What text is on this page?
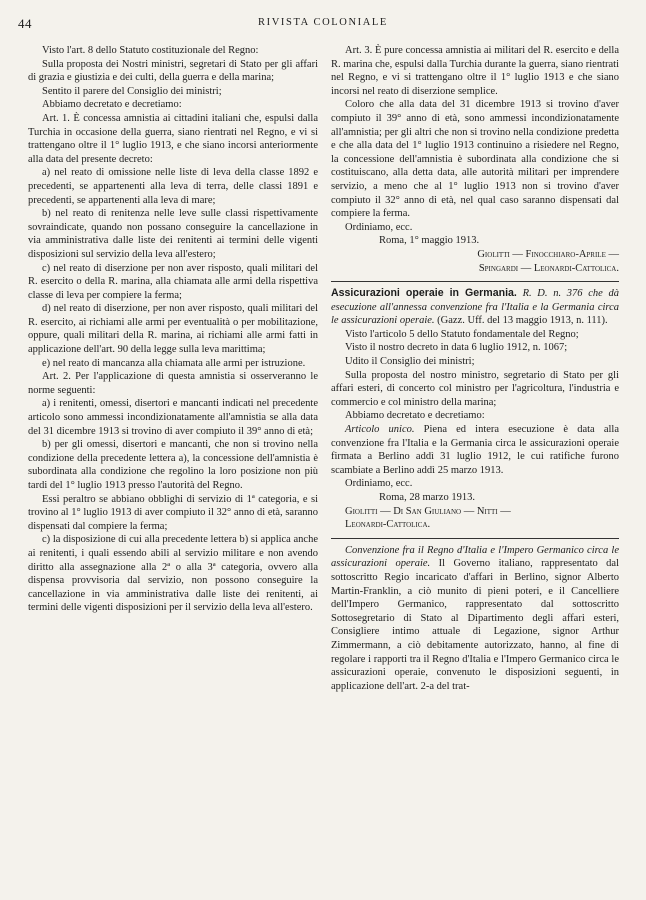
44	RIVISTA COLONIALE

Visto l'art. 8 dello Statuto costituzionale del Regno:

Sulla proposta dei Nostri ministri, segretari di Stato per gli affari di grazia e giustizia e dei culti, della guerra e della marina;

Sentito il parere del Consiglio dei ministri;

Abbiamo decretato e decretiamo:

Art. 1. È concessa amnistia ai cittadini italiani che, espulsi dalla Turchia in occasione della guerra, siano rientrati nel Regno, e vi si trattengano oltre il 1° luglio 1913, e che siano incorsi anteriormente alla data del presente decreto:

a) nel reato di omissione nelle liste di leva della classe 1892 e precedenti, se appartenenti alla leva di terra, delle classi 1891 e precedenti, se appartenenti alla leva di mare;

b) nel reato di renitenza nelle leve sulle classi rispettivamente sovraindicate, quando non possano conseguire la cancellazione in via amministrativa dalle liste dei renitenti ai termini delle vigenti disposizioni sul servizio della leva all'estero;

c) nel reato di diserzione per non aver risposto, quali militari del R. esercito o della R. marina, alla chiamata alle armi della rispettiva classe di leva per compiere la ferma;

d) nel reato di diserzione, per non aver risposto, quali militari del R. esercito, ai richiami alle armi per eventualità o per mobilitazione, oppure, quali militari della R. marina, ai richiami alle armi fatti in applicazione dell'art. 90 della legge sulla leva marittima;

e) nel reato di mancanza alla chiamata alle armi per istruzione.

Art. 2. Per l'applicazione di questa amnistia si osserveranno le norme seguenti:

a) i renitenti, omessi, disertori e mancanti indicati nel precedente articolo sono ammessi incondizionatamente all'amnistia se alla data del 31 dicembre 1913 si trovino di aver compiuto il 39° anno di età;

b) per gli omessi, disertori e mancanti, che non si trovino nella condizione della precedente lettera a), la concessione dell'amnistia è subordinata alla condizione che regolino la loro posizione non più tardi del 1° luglio 1913 presso l'autorità del Regno.

Essi peraltro se abbiano obblighi di servizio di 1ª categoria, e si trovino al 1° luglio 1913 di aver compiuto il 32° anno di età, saranno dispensati dal compiere la ferma;

c) la disposizione di cui alla precedente lettera b) si applica anche ai renitenti, i quali essendo abili al servizio militare e non avendo diritto alla assegnazione alla 2ª o alla 3ª categoria, ovvero alla dispensa provvisoria dal servizio, non possono conseguire la cancellazione in via amministrativa dalle liste dei renitenti, ai termini delle vigenti disposizioni per il servizio della leva all'estero.

Art. 3. È pure concessa amnistia ai militari del R. esercito e della R. marina che, espulsi dalla Turchia durante la guerra, siano rientrati nel Regno, e vi si trattengano oltre il 1° luglio 1913 e che siano incorsi nel reato di diserzione semplice.

Coloro che alla data del 31 dicembre 1913 si trovino d'aver compiuto il 39° anno di età, sono ammessi incondizionatamente all'amnistia; per gli altri che non si trovino nella condizione predetta e che alla data del 1° luglio 1913 continuino a risiedere nel Regno, la concessione dell'amnistia è subordinata alla condizione che si costituiscano, alla detta data, alle autorità militari per imprendere servizio, a meno che al 1° luglio 1913 non si trovino d'aver compiuto il 32° anno di età, nel qual caso saranno dispensati dal compiere la ferma.

Ordiniamo, ecc.

Roma, 1° maggio 1913.

Giolitti — Finocchiaro-Aprile —

Spingardi — Leonardi-Cattolica.

Assicurazioni operaie in Germania. R. D. n. 376 che dà esecuzione all'annessa convenzione fra l'Italia e la Germania circa le assicurazioni operaie. (Gazz. Uff. del 13 maggio 1913, n. 111).

Visto l'articolo 5 dello Statuto fondamentale del Regno;

Visto il nostro decreto in data 6 luglio 1912, n. 1067;

Udito il Consiglio dei ministri;

Sulla proposta del nostro ministro, segretario di Stato per gli affari esteri, di concerto col ministro per l'agricoltura, l'industria e commercio e col ministro della marina;

Abbiamo decretato e decretiamo:

Articolo unico. Piena ed intera esecuzione è data alla convenzione fra l'Italia e la Germania circa le assicurazioni operaie firmata a Berlino addì 31 luglio 1912, le cui ratifiche furono scambiate a Berlino addì 25 marzo 1913.

Ordiniamo, ecc.

Roma, 28 marzo 1913.

Giolitti — Di San Giuliano — Nitti —

Leonardi-Cattolica.

Convenzione fra il Regno d'Italia e l'Impero Germanico circa le assicurazioni operaie. Il Governo italiano, rappresentato dal sottoscritto Regio incaricato d'affari in Berlino, signor Alberto Martin-Franklin, a ciò munito di pieni poteri, e il Cancelliere dell'Impero Germanico, rappresentato dal sottoscritto Sottosegretario di Stato al Dipartimento degli affari esteri, Consigliere intimo attuale di Legazione, signor Arthur Zimmermann, a ciò debitamente autorizzato, hanno, al fine di regolare i rapporti tra il Regno d'Italia e l'Impero Germanico circa le assicurazioni operaie, convenuto le disposizioni seguenti, in applicazione dell'art. 2-a del trat-
